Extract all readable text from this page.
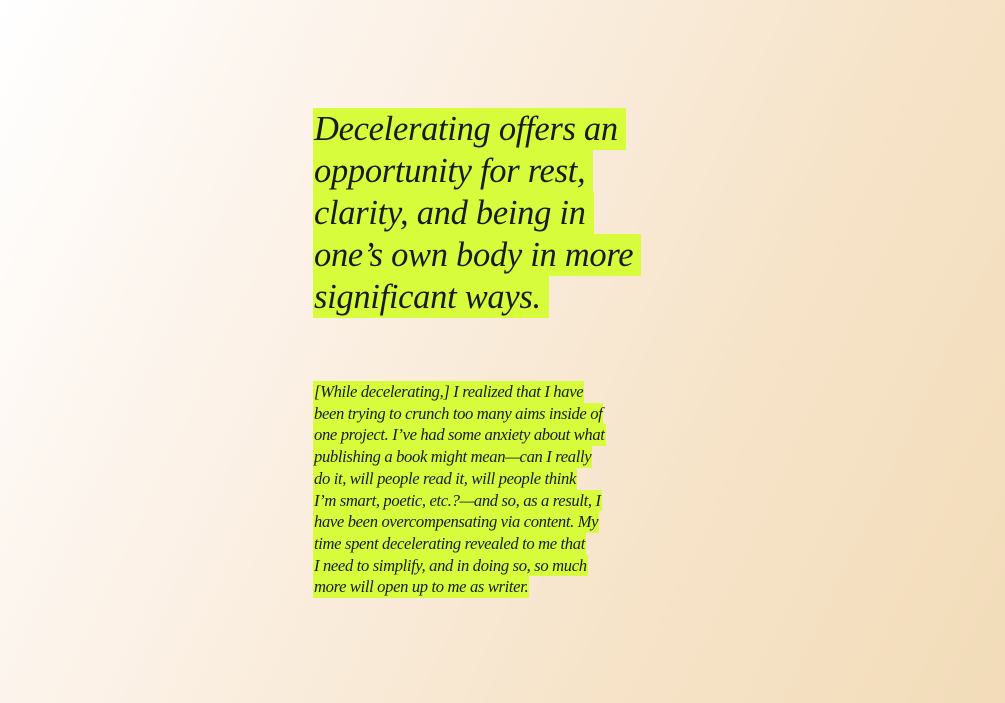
Decelerating offers an
opportunity for rest,
clarity, and being in
one’s own body in more
significant ways.

[While decelerating,] I realized that I have
been trying to crunch too many aims inside of
one project. I’ve had some anxiety about what
publishing a book might mean—can I really
do it, will people read it, will people think
I’m smart, poetic, etc.?—and so, as a result, I
have been overcompensating via content. My
time spent decelerating revealed to me that
I need to simplify, and in doing so, so much
more will open up to me as writer.
